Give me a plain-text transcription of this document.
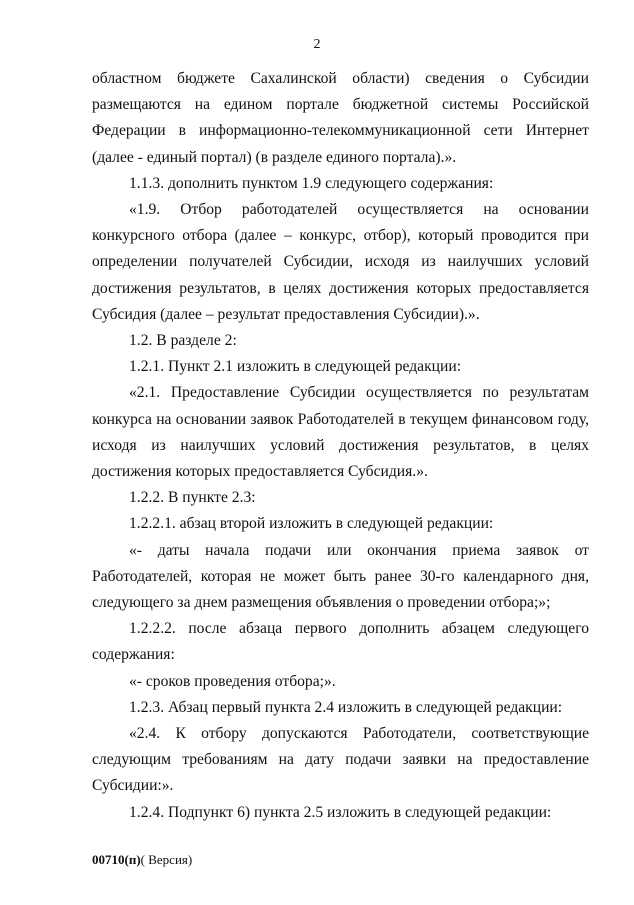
2

областном бюджете Сахалинской области) сведения о Субсидии размещаются на едином портале бюджетной системы Российской Федерации в информационно-телекоммуникационной сети Интернет (далее - единый портал) (в разделе единого портала).».

1.1.3. дополнить пунктом 1.9 следующего содержания:

«1.9. Отбор работодателей осуществляется на основании конкурсного отбора (далее – конкурс, отбор), который проводится при определении получателей Субсидии, исходя из наилучших условий достижения результатов, в целях достижения которых предоставляется Субсидия (далее – результат предоставления Субсидии).».

1.2. В разделе 2:

1.2.1. Пункт 2.1 изложить в следующей редакции:

«2.1. Предоставление Субсидии осуществляется по результатам конкурса на основании заявок Работодателей в текущем финансовом году, исходя из наилучших условий достижения результатов, в целях достижения которых предоставляется Субсидия.».

1.2.2. В пункте 2.3:

1.2.2.1. абзац второй изложить в следующей редакции:

«- даты начала подачи или окончания приема заявок от Работодателей, которая не может быть ранее 30-го календарного дня, следующего за днем размещения объявления о проведении отбора;»;

1.2.2.2. после абзаца первого дополнить абзацем следующего содержания:

«- сроков проведения отбора;».

1.2.3. Абзац первый пункта 2.4 изложить в следующей редакции:

«2.4. К отбору допускаются Работодатели, соответствующие следующим требованиям на дату подачи заявки на предоставление Субсидии:».

1.2.4. Подпункт 6) пункта 2.5 изложить в следующей редакции:

00710(п)( Версия)
